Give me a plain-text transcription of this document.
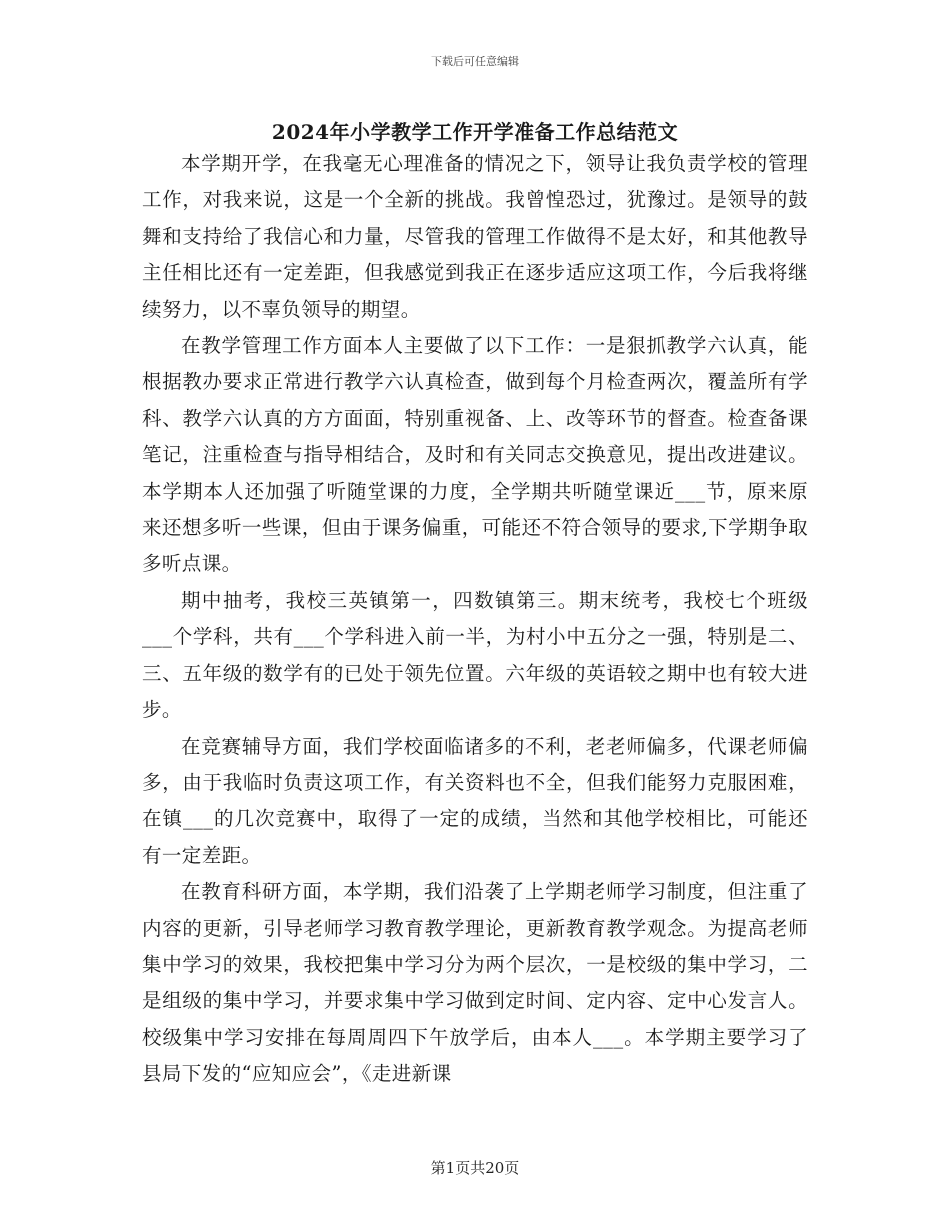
下载后可任意编辑
2024年小学教学工作开学准备工作总结范文

本学期开学，在我毫无心理准备的情况之下，领导让我负责学校的管理工作，对我来说，这是一个全新的挑战。我曾惶恐过，犹豫过。是领导的鼓舞和支持给了我信心和力量，尽管我的管理工作做得不是太好，和其他教导主任相比还有一定差距，但我感觉到我正在逐步适应这项工作，今后我将继续努力，以不辜负领导的期望。

在教学管理工作方面本人主要做了以下工作：一是狠抓教学六认真，能根据教办要求正常进行教学六认真检查，做到每个月检查两次，覆盖所有学科、教学六认真的方方面面，特别重视备、上、改等环节的督查。检查备课笔记，注重检查与指导相结合，及时和有关同志交换意见，提出改进建议。本学期本人还加强了听随堂课的力度，全学期共听随堂课近___节，原来原来还想多听一些课，但由于课务偏重，可能还不符合领导的要求,下学期争取多听点课。

期中抽考，我校三英镇第一，四数镇第三。期末统考，我校七个班级___个学科，共有___个学科进入前一半，为村小中五分之一强，特别是二、三、五年级的数学有的已处于领先位置。六年级的英语较之期中也有较大进步。

在竞赛辅导方面，我们学校面临诸多的不利，老老师偏多，代课老师偏多，由于我临时负责这项工作，有关资料也不全，但我们能努力克服困难，在镇___的几次竞赛中，取得了一定的成绩，当然和其他学校相比，可能还有一定差距。

在教育科研方面，本学期，我们沿袭了上学期老师学习制度，但注重了内容的更新，引导老师学习教育教学理论，更新教育教学观念。为提高老师集中学习的效果，我校把集中学习分为两个层次，一是校级的集中学习，二是组级的集中学习，并要求集中学习做到定时间、定内容、定中心发言人。校级集中学习安排在每周周四下午放学后，由本人___。本学期主要学习了县局下发的“应知应会”，《走进新课

第1页共20页
